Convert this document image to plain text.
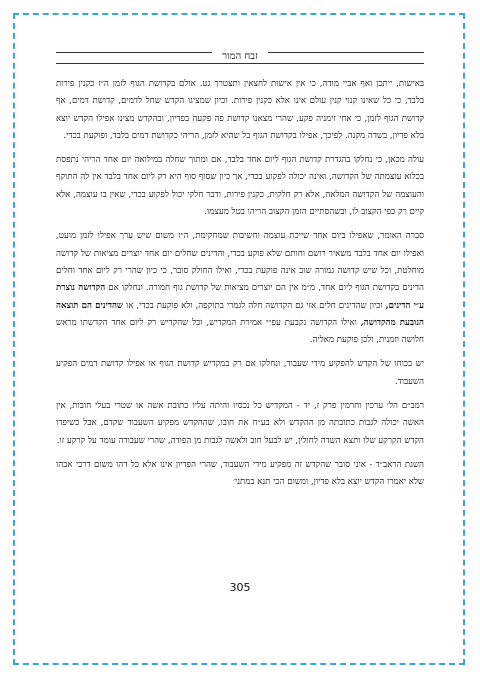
זבח המור

באישות, ייתכן ואף אביי מודה, כי אין אישות לחצאין ותצטרך גט. אולם בקדושת הגוף לזמן ה״ז כקנין פירות בלבד, כי כל שאינו קנוי קנין עולם אינו אלא כקנין פירות. וכיון שמציגו הקדש שחל לדמים, קדושת דמים, אף קדושת הגוף לזמן, כי אחי זימניה פקע, שהרי מצאנו קדושת פה פקעה בפדיון, ובהקדש מצינו אפילו הקדש יוצא בלא פדיון, בשדה מקנה. לפיכך, אפילו בקדושת הגוף כל שהיא לזמן, הריהי כקדושת דמים בלבד, ופוקעת בכדי.

עולה מכאן, כי נחלקו בהגדרת קדושת הגוף ליום אחד בלבד, אם ומתוך שחלה במילואה יום אחד הריהי נתפסת בכלוא עוצמתה של הקדושה, ואינה יכולה לפקוע בכדי, אך כיון שסוף סוף היא רק ליום אחד בלבד אין לה התוקף והעוצמה של הקדושה המלאה, אלא רק חלקית, כקנין פירות, ודבר חלקי יכול לפקוע בכדי, שאין בו עוצמה, אלא קיים רק כפי הקצוב לו, ובשהסתיים הזמן הקצוב הריהו בטל מעצמו.

סברה האומר, שאפילו ביום אחד שייכת עוצמה וחשיבות שמחקימת, ה״ז משום שיש ערך אפילו לזמן מועט, ואפילו יום אחד בלבד משאיר רושם וחותם שלא פוקע בכדי, והדינים שחלים יום אחד יוצרים מציאות של קדושה מוחלטת, וכל שיש קדושה גמורה שוב אינה פוקעת בכדי, ואילו החולק סובר, כי כיון שהרי רק ליום אחד וחלים הדינים בקדושת הגוף ליום אחד, מ״מ אין הם יוצרים מציאות של קדושת גוף חמורה. ונחלקו אם הקדושה נוצרת ע״י הדינים, וכיון שהדינים חלים אזי גם הקדושה חלה לגמרי בתוקפה, ולא פוקעת בכדי, או שהדינים הם תוצאה הנובעת מהקדושה, ואילו הקדושה נקבעת עפ״י אמירת המקדיש, וכל שהקדיש רק ליום אחד הקדשתו מראש חלושה וזמנית, ולכן פוקעת מאליה.

יש בכוחו של הקדש להפקיע מידי שעבוד, ונחלקו אם רק במקדיש קדושת הגוף או אפילו קדושת דמים הפקיע השעבוד.

רמב״ם הל׳ ערכין וחרמין פרק ז, יד - המקדיש כל נכסיו והיתה עליו כתובת אשה או שטרי בעלי חובות, אין האשה יכולה לגבות כתובתה מן ההקדש ולא בע״ח את חובו, שההקדש מפקיע השעבוד שקדם, אבל כשיפדו הקדש הקרקע שלו ותצא השדה לחולין, יש לבעל חוב ולאשה לגבות מן הפודה, שהרי שעבודה עומד על קרקע זו.

השגת הראב״ד - איני סובר שהקדש זה מפקיע מידי השעבוד, שהרי הפדיון אינו אלא כל דהו משום דרבי אבהו שלא יאמרו הקדש יוצא בלא פדיון, ומשום הכי תנא במתני׳

305
